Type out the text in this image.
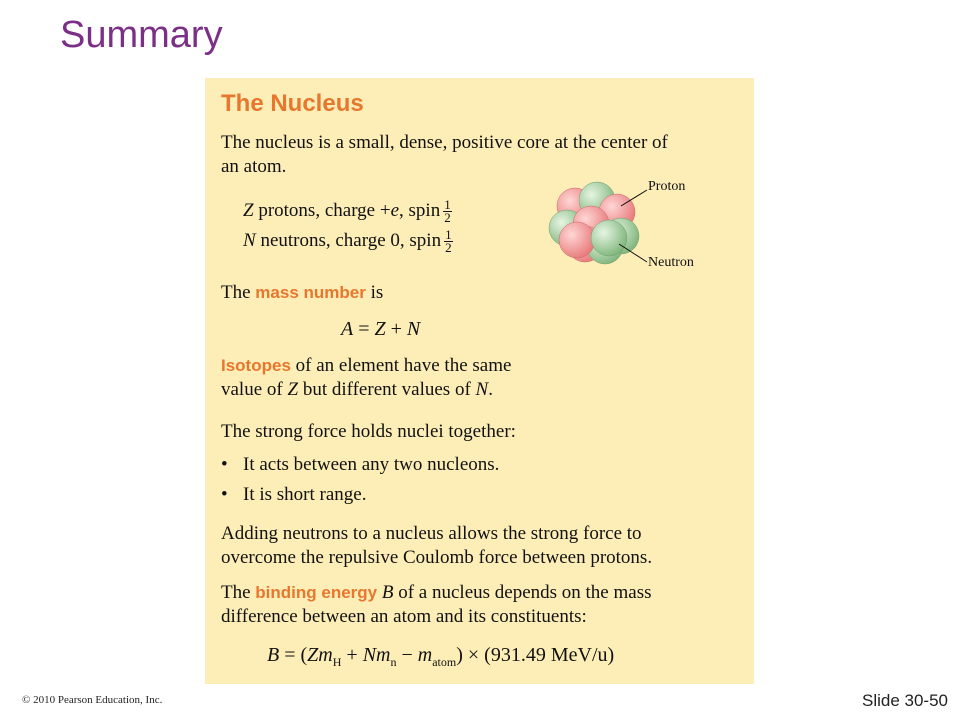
Summary
The Nucleus

The nucleus is a small, dense, positive core at the center of

an atom.

Z protons, charge +e, spin $\frac{1}{2}$
N neutrons, charge 0, spin $\frac{1}{2}$
Proton
Neutron

The mass number is

A = Z + N

Isotopes of an element have the same

value of Z but different values of N.

The strong force holds nuclei together:

• It acts between any two nucleons.
• It is short range.

Adding neutrons to a nucleus allows the strong force to

overcome the repulsive Coulomb force between protons.

The binding energy B of a nucleus depends on the mass

difference between an atom and its constituents:

$B = (Zm_H + Nm_n - m_{atom}) \times (931.49$ MeV/u)
© 2010 Pearson Education, Inc.	Slide 30-50
